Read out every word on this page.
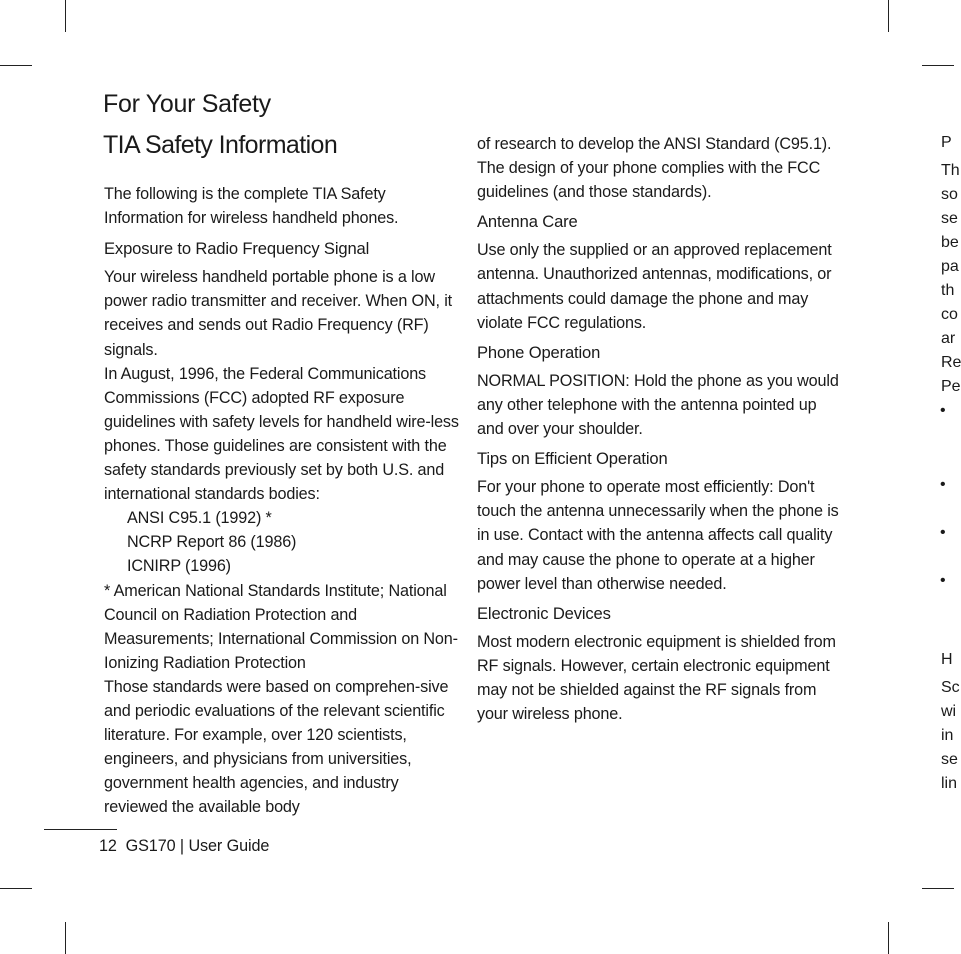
For Your Safety
TIA Safety Information

The following is the complete TIA Safety Information for wireless handheld phones.

Exposure to Radio Frequency Signal

Your wireless handheld portable phone is a low power radio transmitter and receiver. When ON, it receives and sends out Radio Frequency (RF) signals.

In August, 1996, the Federal Communications Commissions (FCC) adopted RF exposure guidelines with safety levels for handheld wire-less phones. Those guidelines are consistent with the safety standards previously set by both U.S. and international standards bodies:

ANSI C95.1 (1992) *

NCRP Report 86 (1986)

ICNIRP (1996)

* American National Standards Institute; National Council on Radiation Protection and Measurements; International Commission on Non-Ionizing Radiation Protection

Those standards were based on comprehen-sive and periodic evaluations of the relevant scientific literature. For example, over 120 scientists, engineers, and physicians from universities, government health agencies, and industry reviewed the available body

of research to develop the ANSI Standard (C95.1).

The design of your phone complies with the FCC guidelines (and those standards).

Antenna Care

Use only the supplied or an approved replacement antenna. Unauthorized antennas, modifications, or attachments could damage the phone and may violate FCC regulations.

Phone Operation

NORMAL POSITION: Hold the phone as you would any other telephone with the antenna pointed up and over your shoulder.

Tips on Efficient Operation

For your phone to operate most efficiently: Don't touch the antenna unnecessarily when the phone is in use. Contact with the antenna affects call quality and may cause the phone to operate at a higher power level than otherwise needed.

Electronic Devices

Most modern electronic equipment is shielded from RF signals. However, certain electronic equipment may not be shielded against the RF signals from your wireless phone.

P
Th
so
se
be
pa
th
co
ar
Re
Pe
•
•
•
•
H
Sc
wi
in
se
lin
12 GS170 | User Guide
